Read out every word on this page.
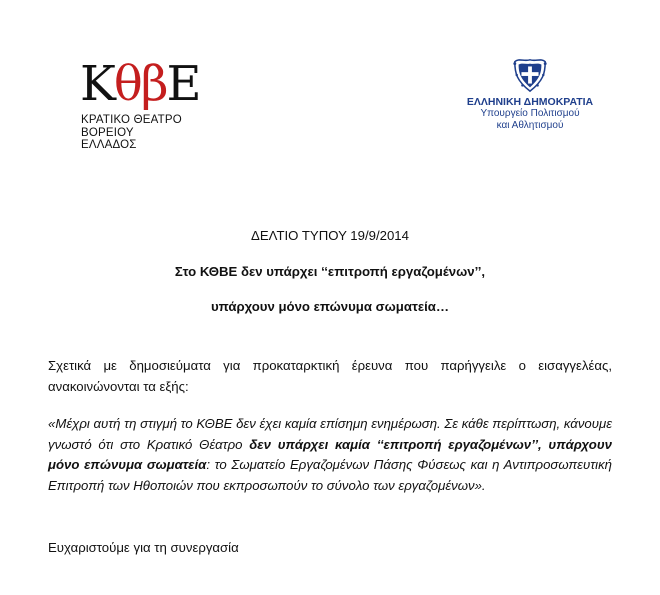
ΚθβΕ
ΚΡΑΤΙΚΟ ΘΕΑΤΡΟ
ΒΟΡΕΙΟΥ ΕΛΛΑΔΟΣ
ΕΛΛΗΝΙΚΗ ΔΗΜΟΚΡΑΤΙΑ
Υπουργείο Πολιτισμού
και Αθλητισμού
ΔΕΛΤΙΟ ΤΥΠΟΥ 19/9/2014
Στο ΚΘΒΕ δεν υπάρχει ‘‘επιτροπή εργαζομένων’’,
υπάρχουν μόνο επώνυμα σωματεία…
Σχετικά με δημοσιεύματα για προκαταρκτική έρευνα που παρήγγειλε ο εισαγγελέας, ανακοινώνονται τα εξής:
«Μέχρι αυτή τη στιγμή το ΚΘΒΕ δεν έχει καμία επίσημη ενημέρωση. Σε κάθε περίπτωση, κάνουμε γνωστό ότι στο Κρατικό Θέατρο δεν υπάρχει καμία ‘‘επιτροπή εργαζομένων’’, υπάρχουν μόνο επώνυμα σωματεία: το Σωματείο Εργαζομένων Πάσης Φύσεως και η Αντιπροσωπευτική Επιτροπή των Ηθοποιών που εκπροσωπούν το σύνολο των εργαζομένων».
Ευχαριστούμε για τη συνεργασία
